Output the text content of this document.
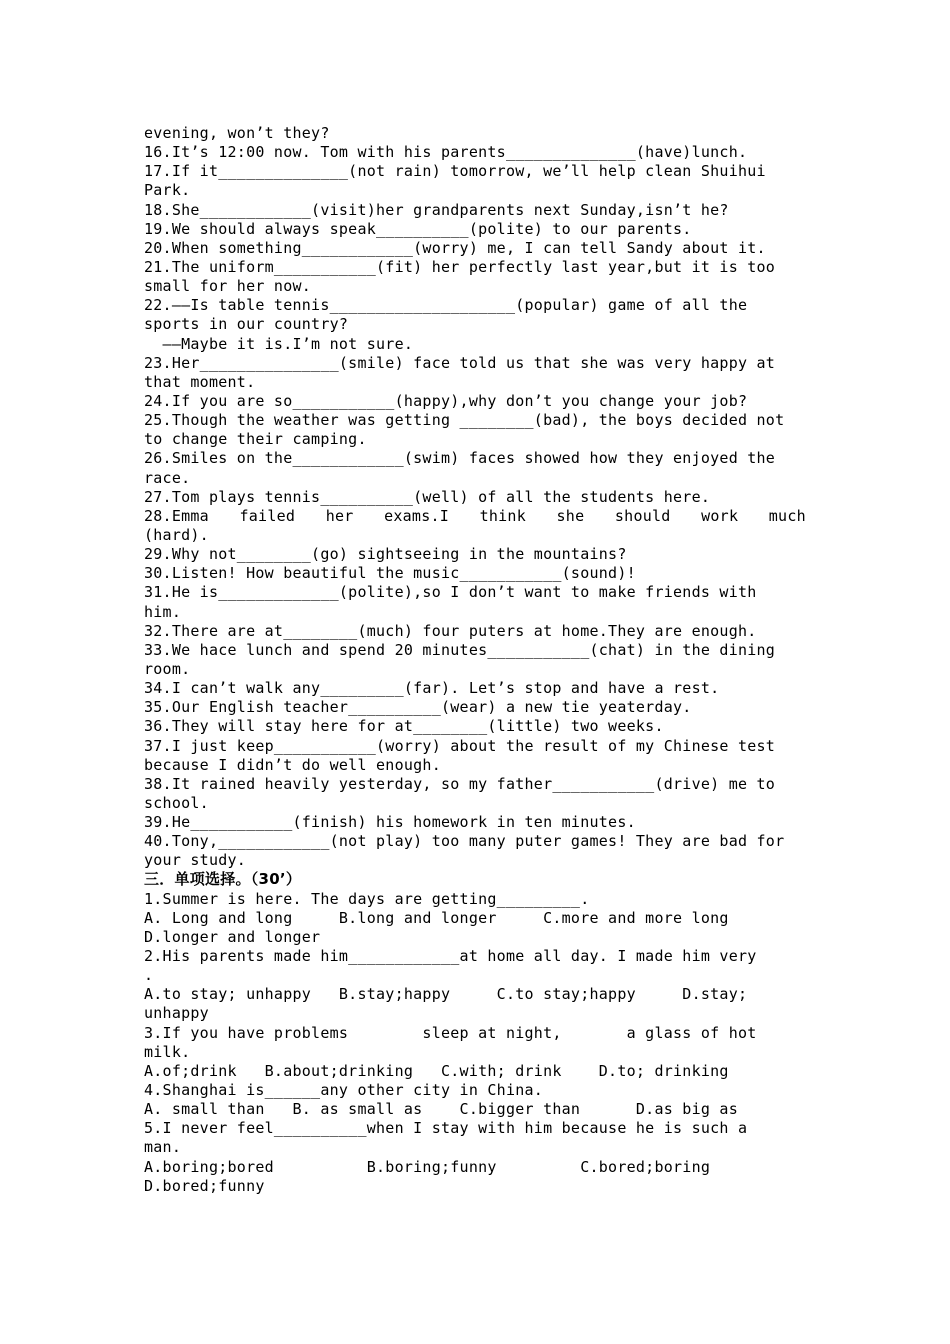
evening, won’t they?
16.It’s 12:00 now. Tom with his parents______________(have)lunch.
17.If it______________(not rain) tomorrow, we’ll help clean Shuihui
Park.
18.She____________(visit)her grandparents next Sunday,isn’t he?
19.We should always speak__________(polite) to our parents.
20.When something____________(worry) me, I can tell Sandy about it.
21.The uniform___________(fit) her perfectly last year,but it is too
small for her now.
22.——Is table tennis____________________(popular) game of all the
sports in our country?
——Maybe it is.I’m not sure.
23.Her_______________(smile) face told us that she was very happy at
that moment.
24.If you are so___________(happy),why don’t you change your job?
25.Though the weather was getting ________(bad), the boys decided not
to change their camping.
26.Smiles on the____________(swim) faces showed how they enjoyed the
race.
27.Tom plays tennis__________(well) of all the students here.
28.Emma failed her exams.I think she should work much
(hard).
29.Why not________(go) sightseeing in the mountains?
30.Listen! How beautiful the music___________(sound)!
31.He is_____________(polite),so I don’t want to make friends with
him.
32.There are at________(much) four puters at home.They are enough.
33.We hace lunch and spend 20 minutes___________(chat) in the dining
room.
34.I can’t walk any_________(far). Let’s stop and have a rest.
35.Our English teacher__________(wear) a new tie yeaterday.
36.They will stay here for at________(little) two weeks.
37.I just keep___________(worry) about the result of my Chinese test
because I didn’t do well enough.
38.It rained heavily yesterday, so my father___________(drive) me to
school.
39.He___________(finish) his homework in ten minutes.
40.Tony,____________(not play) too many puter games! They are bad for
your study.
三．单项选择。（30’）
1.Summer is here. The days are getting_________.
A. Long and long     B.long and longer     C.more and more long
D.longer and longer
2.His parents made him____________at home all day. I made him very
.
A.to stay; unhappy   B.stay;happy     C.to stay;happy     D.stay;
unhappy
3.If you have problems        sleep at night,       a glass of hot
milk.
A.of;drink   B.about;drinking   C.with; drink    D.to; drinking
4.Shanghai is______any other city in China.
A. small than   B. as small as    C.bigger than      D.as big as
5.I never feel__________when I stay with him because he is such a
man.
A.boring;bored          B.boring;funny         C.bored;boring
D.bored;funny
